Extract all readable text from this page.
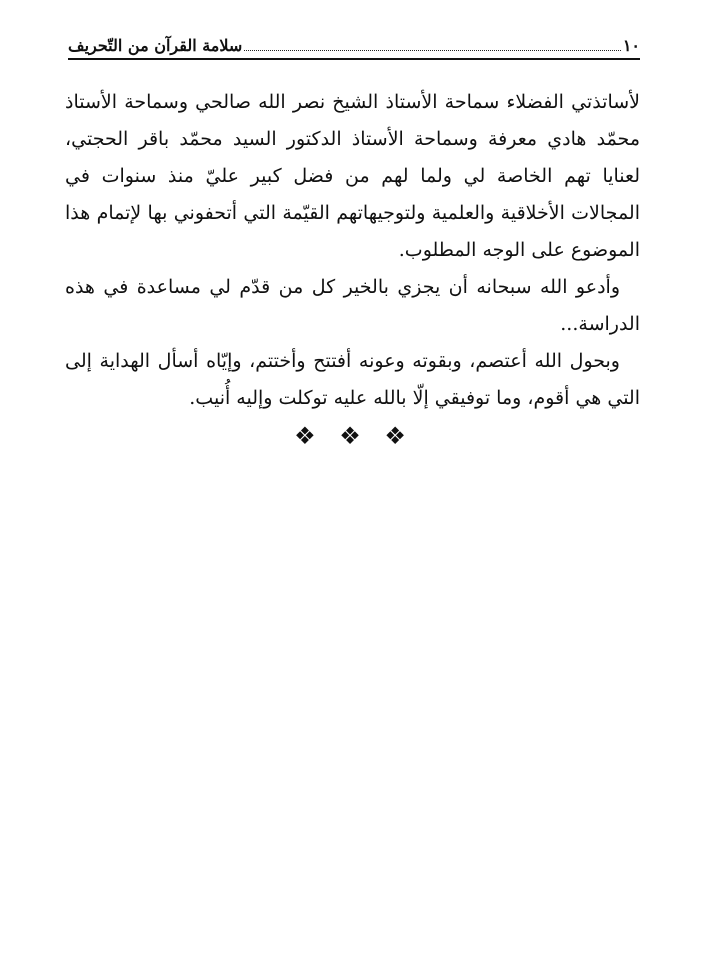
١٠
سلامة القرآن من التّحريف

لأساتذتي الفضلاء سماحة الأستاذ الشيخ نصر الله صالحي وسماحة الأستاذ محمّد هادي معرفة وسماحة الأستاذ الدكتور السيد محمّد باقر الحجتي، لعنايا تهم الخاصة لي ولما لهم من فضل كبير عليّ منذ سنوات في المجالات الأخلاقية والعلمية ولتوجيهاتهم القيّمة التي أتحفوني بها لإتمام هذا الموضوع على الوجه المطلوب.

وأدعو الله سبحانه أن يجزي بالخير كل من قدّم لي مساعدة في هذه الدراسة...

وبحول الله أعتصم، وبقوته وعونه أفتتح وأختتم، وإيّاه أسأل الهداية إلى التي هي أقوم، وما توفيقي إلّا بالله عليه توكلت وإليه أُنيب.

❖ ❖ ❖
